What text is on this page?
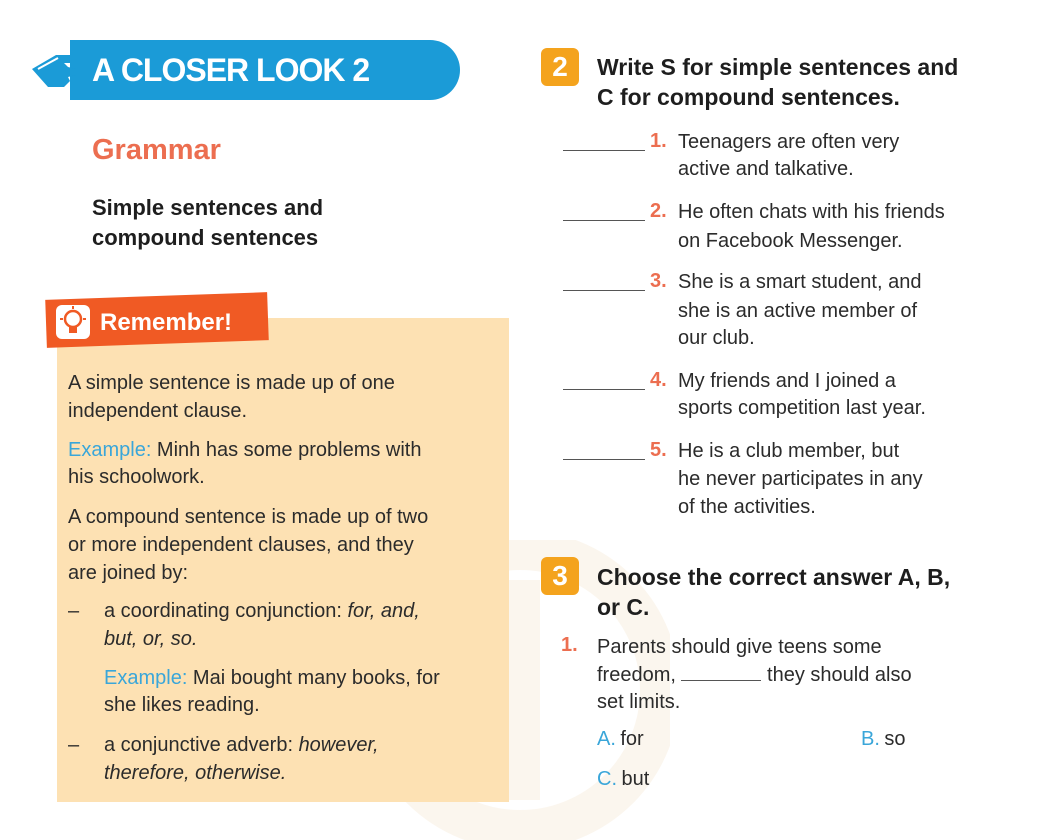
A CLOSER LOOK 2
Grammar
Simple sentences and
compound sentences
Remember!
A simple sentence is made up of one
independent clause.
Example: Minh has some problems with
his schoolwork.
A compound sentence is made up of two
or more independent clauses, and they
are joined by:
– a coordinating conjunction: for, and,
but, or, so.
Example: Mai bought many books, for
she likes reading.
– a conjunctive adverb: however,
therefore, otherwise.
2	Write S for simple sentences and
C for compound sentences.
1. Teenagers are often very
active and talkative.
2. He often chats with his friends
on Facebook Messenger.
3. She is a smart student, and
she is an active member of
our club.
4. My friends and I joined a
sports competition last year.
5. He is a club member, but
he never participates in any
of the activities.
3	Choose the correct answer A, B,
or C.
1. Parents should give teens some
freedom,	they should also
set limits.
A. for	B. so
C. but
